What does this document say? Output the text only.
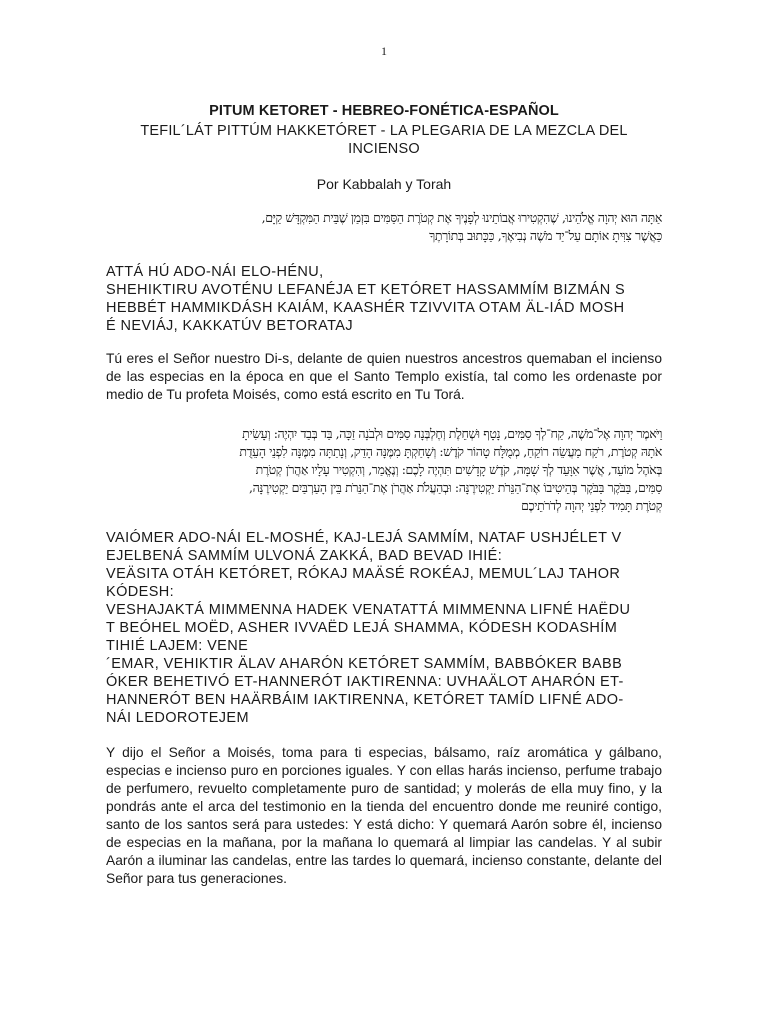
1
PITUM KETORET - HEBREO-FONÉTICA-ESPAÑOL
TEFIL´LÁT PITTÚM HAKKETÓRET - LA PLEGARIA DE LA MEZCLA DEL INCIENSO
Por Kabbalah y Torah
אַתָּה הוּא יְהוָה אֱלֹהֵינוּ, שֶׁהִקְטִירוּ אֲבוֹתֵינוּ לְפָנֶיךָ אֶת קְטֹרֶת הַסַּמִּים בִּזְמַן שֶׁבֵּית הַמִּקְדָּשׁ קַיָּם,
כַּאֲשֶׁר צִוִּיתָ אוֹתָם עַל־יַד מֹשֶׁה נְבִיאֶךָ, כַּכָּתוּב בְּתוֹרָתֶךָ
ATTÁ HÚ ADO-NÁI ELO-HÉNU,
SHEHIKTIRU AVOTÉNU LEFANÉJA ET KETÓRET HASSAMMÍM BIZMÁN S
HEBBÉT HAMMIKDÁSH KAIÁM, KAASHÉR TZIVVITA OTAM ÄL-IÁD MOSH
É NEVIÁJ, KAKKATÚV BETORATAJ
Tú eres el Señor nuestro Di-s, delante de quien nuestros ancestros quemaban el incienso de las especias en la época en que el Santo Templo existía, tal como les ordenaste por medio de Tu profeta Moisés, como está escrito en Tu Torá.
וַיֹּאמֶר יְהוָה אֶל־מֹשֶׁה, קַח־לְךָ סַמִּים, נָטָף וּשְׁחֵלֶת וְחֶלְבְּנָה סַמִּים וּלְבֹנָה זַכָּה, בַּד בְּבַד יִהְיֶה: וְעָשִׂיתָ
אֹתָהּ קְטֹרֶת, רֹקַח מַעֲשֵׂה רוֹקֵחַ, מְמֻלָּח טָהוֹר קֹדֶשׁ: וְשָׁחַקְתָּ מִמֶּנָּה הָדֵק, וְנָתַתָּה מִמֶּנָּה לִפְנֵי הָעֵדֻת
בְּאֹהֶל מוֹעֵד, אֲשֶׁר אִוָּעֵד לְךָ שָׁמָּה, קֹדֶשׁ קָדָשִׁים תִּהְיֶה לָכֶם: וְנֶאֱמַר, וְהִקְטִיר עָלָיו אַהֲרֹן קְטֹרֶת
סַמִּים, בַּבֹּקֶר בַּבֹּקֶר בְּהֵיטִיבוֹ אֶת־הַנֵּרֹת יַקְטִירֶנָּה: וּבְהַעֲלֹת אַהֲרֹן אֶת־הַנֵּרֹת בֵּין הָעַרְבַּיִם יַקְטִירֶנָּה,
קְטֹרֶת תָּמִיד לִפְנֵי יְהוָה לְדֹרֹתֵיכֶם
VAIÓMER ADO-NÁI EL-MOSHÉ, KAJ-LEJÁ SAMMÍM, NATAF USHJÉLET V
EJELBENÁ SAMMÍM ULVONÁ ZAKKÁ, BAD BEVAD IHIÉ:
VEÄSITA OTÁH KETÓRET, RÓKAJ MAÄSÉ ROKÉAJ, MEMUL´LAJ TAHOR
KÓDESH:
VESHAJAKTÁ MIMMENNA HADEK VENATATTÁ MIMMENNA LIFNÉ HAËDU
T BEÓHEL MOËD, ASHER IVVAËD LEJÁ SHAMMA, KÓDESH KODASHÍM
TIHIÉ LAJEM: VENE
´EMAR, VEHIKTIR ÄLAV AHARÓN KETÓRET SAMMÍM, BABBÓKER BABB
ÓKER BEHETIVÓ ET-HANNERÓT IAKTIRENNA: UVHAÄLOT AHARÓN ET-
HANNERÓT BEN HAÄRBÁIM IAKTIRENNA, KETÓRET TAMÍD LIFNÉ ADO-
NÁI LEDOROTEJEM
Y dijo el Señor a Moisés, toma para ti especias, bálsamo, raíz aromática y gálbano, especias e incienso puro en porciones iguales. Y con ellas harás incienso, perfume trabajo de perfumero, revuelto completamente puro de santidad; y molerás de ella muy fino, y la pondrás ante el arca del testimonio en la tienda del encuentro donde me reuniré contigo, santo de los santos será para ustedes: Y está dicho: Y quemará Aarón sobre él, incienso de especias en la mañana, por la mañana lo quemará al limpiar las candelas. Y al subir Aarón a iluminar las candelas, entre las tardes lo quemará, incienso constante, delante del Señor para tus generaciones.
